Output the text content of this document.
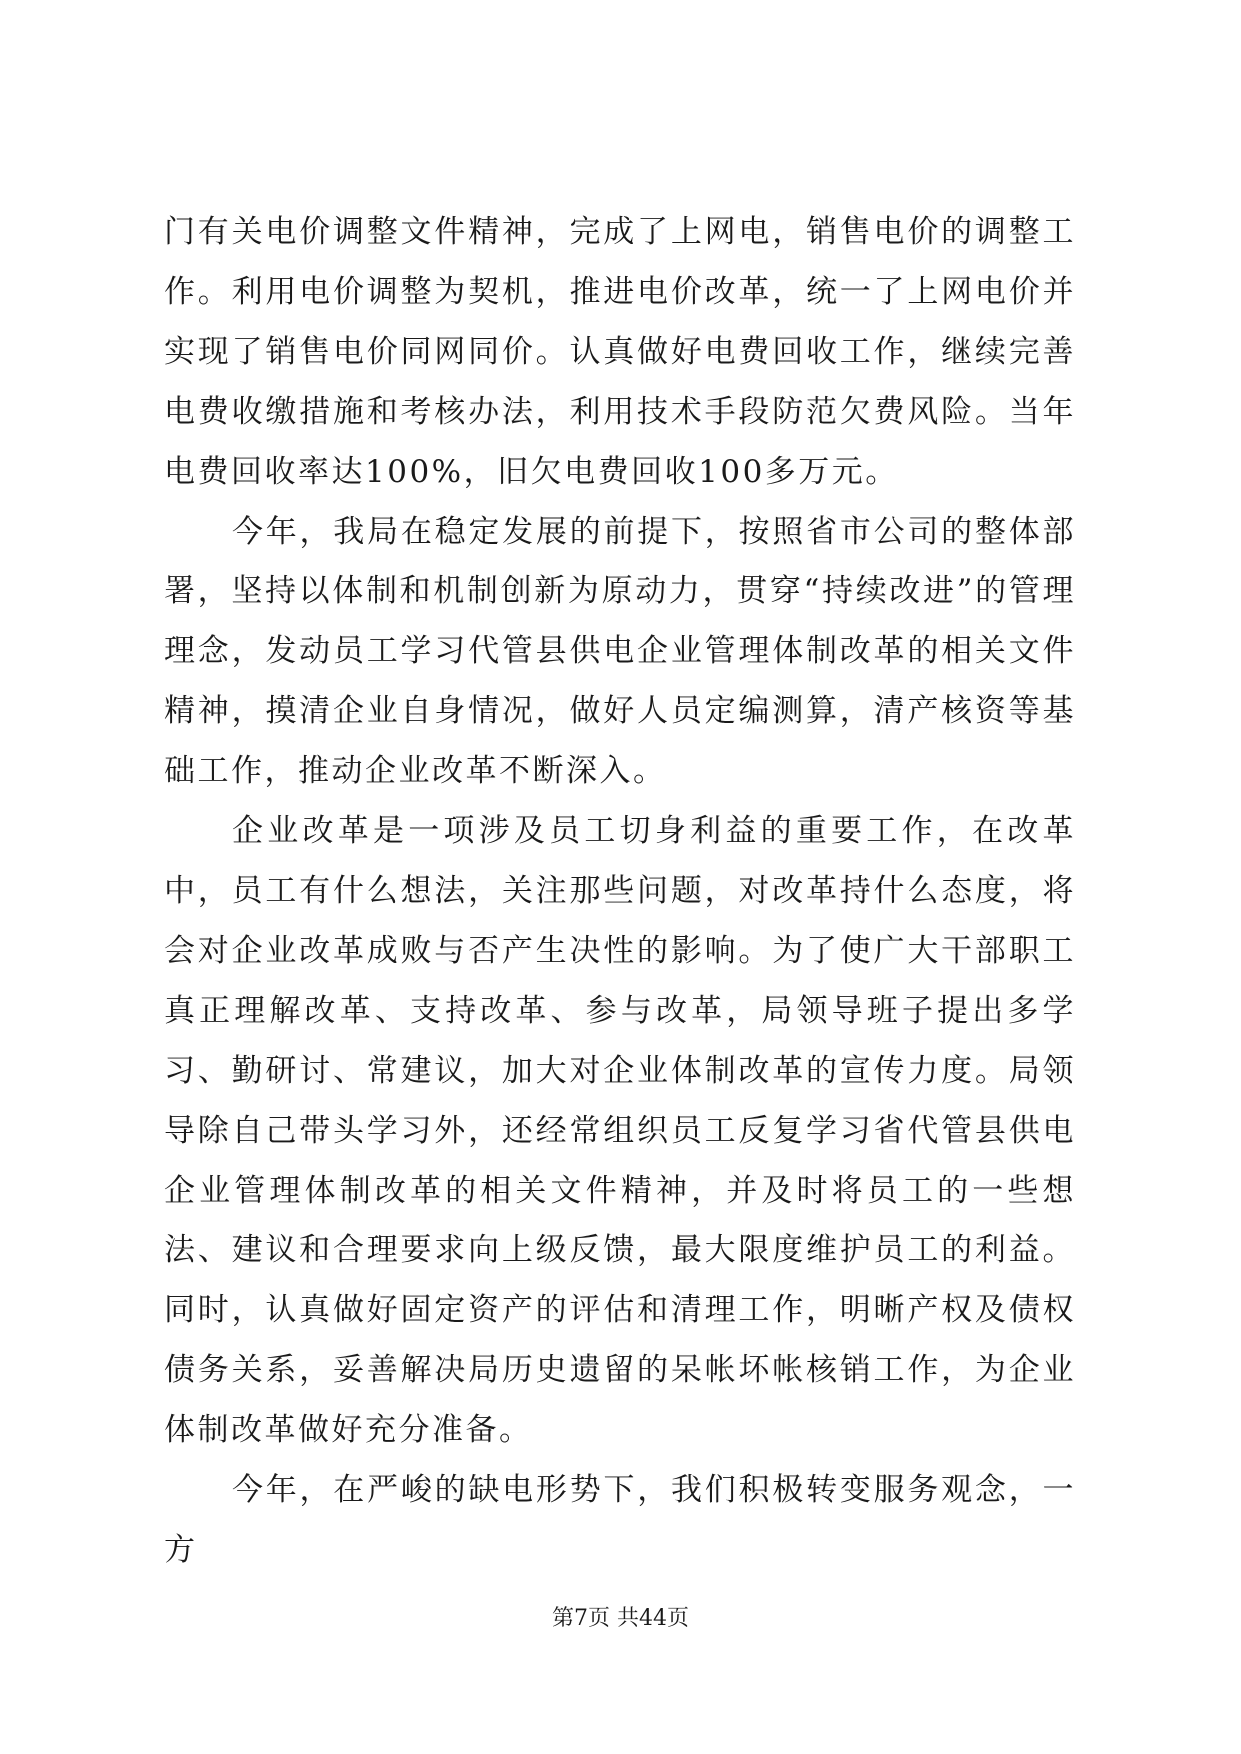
门有关电价调整文件精神，完成了上网电，销售电价的调整工作。利用电价调整为契机，推进电价改革，统一了上网电价并实现了销售电价同网同价。认真做好电费回收工作，继续完善电费收缴措施和考核办法，利用技术手段防范欠费风险。当年电费回收率达100%，旧欠电费回收100多万元。

今年，我局在稳定发展的前提下，按照省市公司的整体部署，坚持以体制和机制创新为原动力，贯穿“持续改进”的管理理念，发动员工学习代管县供电企业管理体制改革的相关文件精神，摸清企业自身情况，做好人员定编测算，清产核资等基础工作，推动企业改革不断深入。

企业改革是一项涉及员工切身利益的重要工作，在改革中，员工有什么想法，关注那些问题，对改革持什么态度，将会对企业改革成败与否产生决性的影响。为了使广大干部职工真正理解改革、支持改革、参与改革，局领导班子提出多学习、勤研讨、常建议，加大对企业体制改革的宣传力度。局领导除自己带头学习外，还经常组织员工反复学习省代管县供电企业管理体制改革的相关文件精神，并及时将员工的一些想法、建议和合理要求向上级反馈，最大限度维护员工的利益。同时，认真做好固定资产的评估和清理工作，明晰产权及债权债务关系，妥善解决局历史遗留的呆帐坏帐核销工作，为企业体制改革做好充分准备。

今年，在严峻的缺电形势下，我们积极转变服务观念，一方

第7页 共44页
